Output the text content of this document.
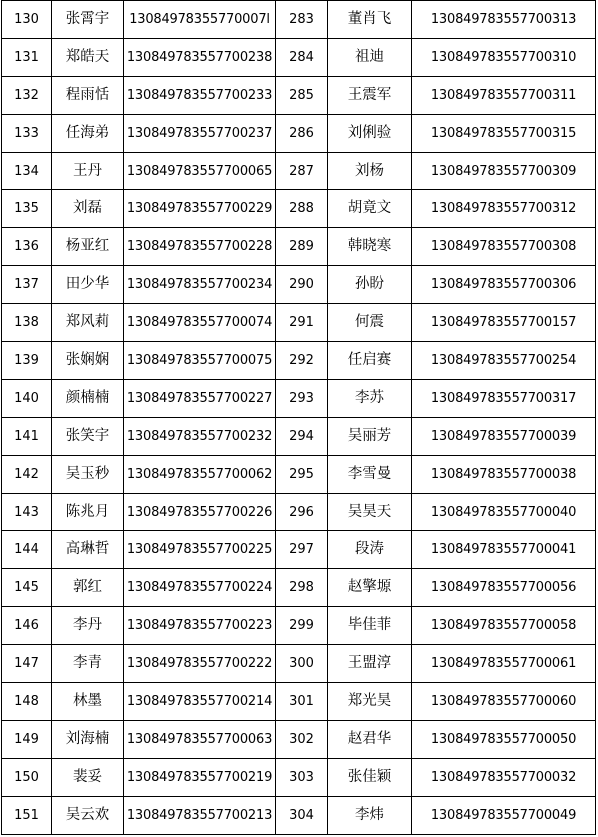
130	张霄宇	13084978355770007l	283	董肖飞	130849783557700313
131	郑皓天	130849783557700238	284	祖迪	130849783557700310
132	程雨恬	130849783557700233	285	王震军	130849783557700311
133	任海弟	130849783557700237	286	刘俐验	130849783557700315
134	王丹	130849783557700065	287	刘杨	130849783557700309
135	刘磊	130849783557700229	288	胡竟文	130849783557700312
136	杨亚红	130849783557700228	289	韩晓寒	130849783557700308
137	田少华	130849783557700234	290	孙盼	130849783557700306
138	郑风莉	130849783557700074	291	何震	130849783557700157
139	张娴娴	130849783557700075	292	任启赛	130849783557700254
140	颜楠楠	130849783557700227	293	李苏	130849783557700317
141	张笑宇	130849783557700232	294	吴丽芳	130849783557700039
142	吴玉秒	130849783557700062	295	李雪曼	130849783557700038
143	陈兆月	130849783557700226	296	吴昊天	130849783557700040
144	高琳哲	130849783557700225	297	段涛	130849783557700041
145	郭红	130849783557700224	298	赵擎塬	130849783557700056
146	李丹	130849783557700223	299	毕佳菲	130849783557700058
147	李青	130849783557700222	300	王盟淳	130849783557700061
148	林墨	130849783557700214	301	郑光昊	130849783557700060
149	刘海楠	130849783557700063	302	赵君华	130849783557700050
150	裴妥	130849783557700219	303	张佳颖	130849783557700032
151	吴云欢	130849783557700213	304	李炜	130849783557700049
